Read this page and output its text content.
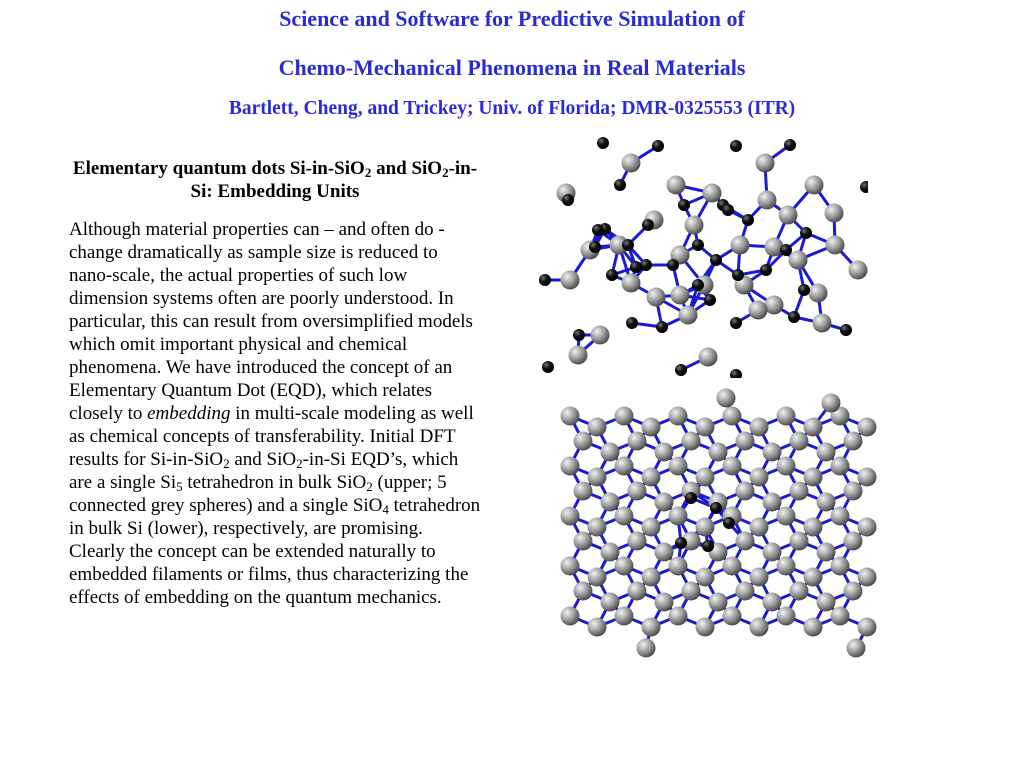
Science and Software for Predictive Simulation of
Chemo-Mechanical Phenomena in Real Materials
Bartlett, Cheng, and Trickey; Univ. of Florida; DMR-0325553 (ITR)
Elementary quantum dots Si-in-SiO$_2$ and SiO$_2$-in-Si: Embedding Units
Although material properties can – and often do - change dramatically as sample size is reduced to nano-scale, the actual properties of such low dimension systems often are poorly understood. In particular, this can result from oversimplified models which omit important physical and chemical phenomena. We have introduced the concept of an Elementary Quantum Dot (EQD), which relates closely to embedding in multi-scale modeling as well as chemical concepts of transferability. Initial DFT results for Si-in-SiO$_2$ and SiO$_2$-in-Si EQD’s, which are a single $Si_5$ tetrahedron in bulk SiO$_2$ (upper; 5 connected grey spheres) and a single SiO$_4$ tetrahedron in bulk Si (lower), respectively, are promising. Clearly the concept can be extended naturally to embedded filaments or films, thus characterizing the effects of embedding on the quantum mechanics.
